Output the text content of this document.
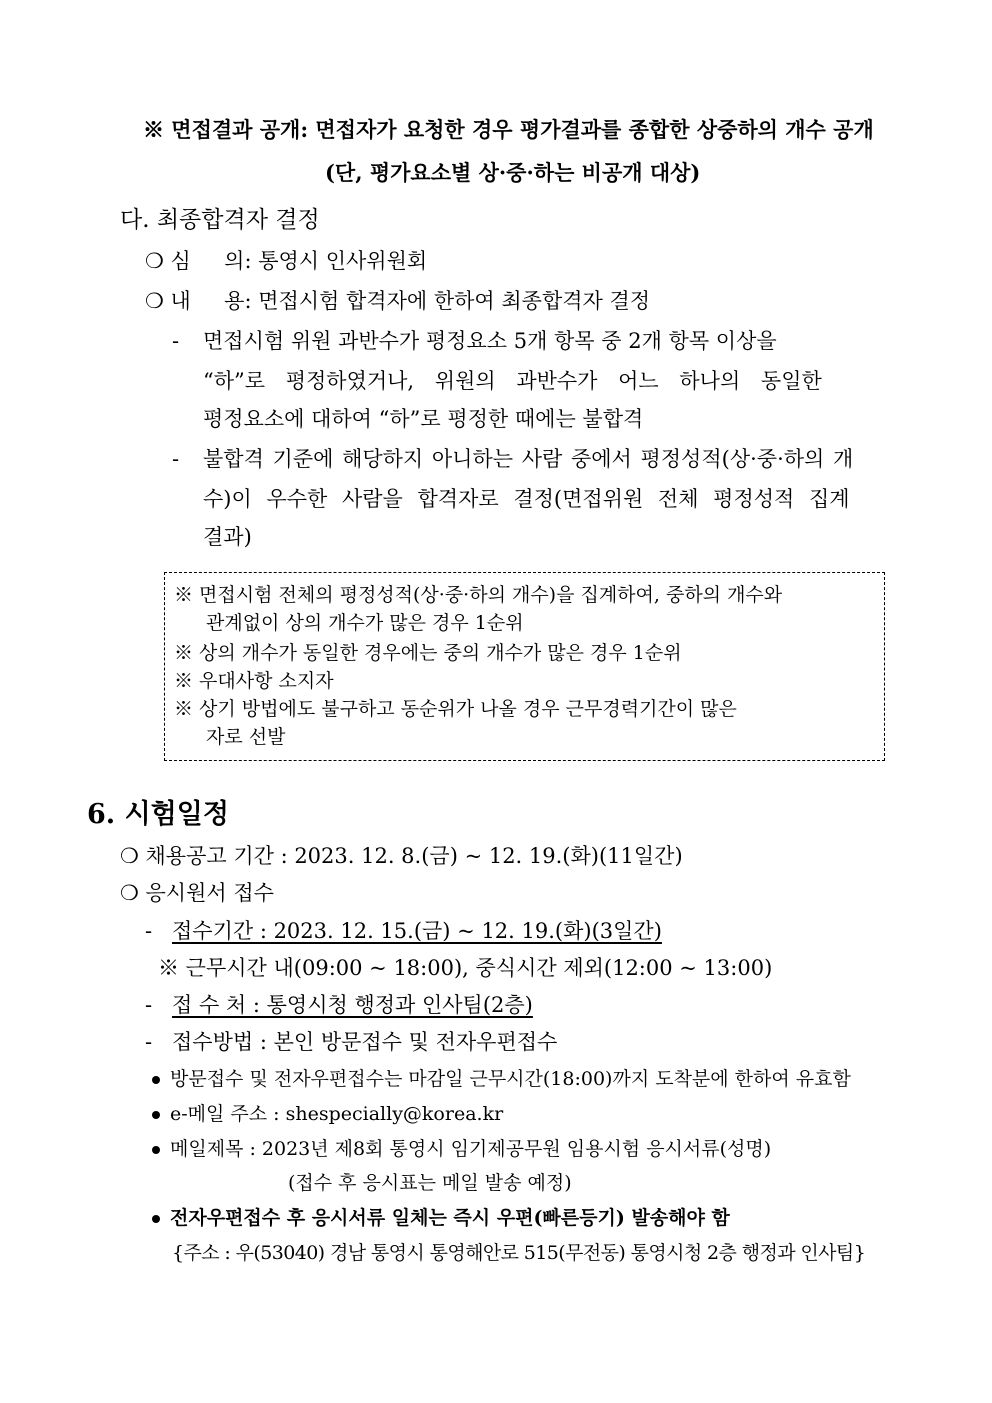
※ 면접결과 공개: 면접자가 요청한 경우 평가결과를 종합한 상중하의 개수 공개
(단, 평가요소별 상·중·하는 비공개 대상)
다. 최종합격자 결정
❍ 심     의: 통영시 인사위원회
❍ 내     용: 면접시험 합격자에 한하여 최종합격자 결정
- 면접시험 위원 과반수가 평정요소 5개 항목 중 2개 항목 이상을
“하”로 평정하였거나, 위원의 과반수가 어느 하나의 동일한
평정요소에 대하여 “하”로 평정한 때에는 불합격
- 불합격 기준에 해당하지 아니하는 사람 중에서 평정성적(상·중·하의 개
수)이 우수한 사람을 합격자로 결정(면접위원 전체 평정성적 집계
결과)
※ 면접시험 전체의 평정성적(상·중·하의 개수)을 집계하여, 중하의 개수와
관계없이 상의 개수가 많은 경우 1순위
※ 상의 개수가 동일한 경우에는 중의 개수가 많은 경우 1순위
※ 우대사항 소지자
※ 상기 방법에도 불구하고 동순위가 나올 경우 근무경력기간이 많은
자로 선발
6. 시험일정
❍ 채용공고 기간 : 2023. 12. 8.(금) ~ 12. 19.(화)(11일간)
❍ 응시원서 접수
- 접수기간 : 2023. 12. 15.(금) ~ 12. 19.(화)(3일간)
※ 근무시간 내(09:00 ~ 18:00), 중식시간 제외(12:00 ~ 13:00)
- 접 수 처 : 통영시청 행정과 인사팀(2층)
- 접수방법 : 본인 방문접수 및 전자우편접수
방문접수 및 전자우편접수는 마감일 근무시간(18:00)까지 도착분에 한하여 유효함
e-메일 주소 : shespecially@korea.kr
메일제목 : 2023년 제8회 통영시 임기제공무원 임용시험 응시서류(성명)
(접수 후 응시표는 메일 발송 예정)
전자우편접수 후 응시서류 일체는 즉시 우편(빠른등기) 발송해야 함
{주소 : 우(53040) 경남 통영시 통영해안로 515(무전동) 통영시청 2층 행정과 인사팀}
